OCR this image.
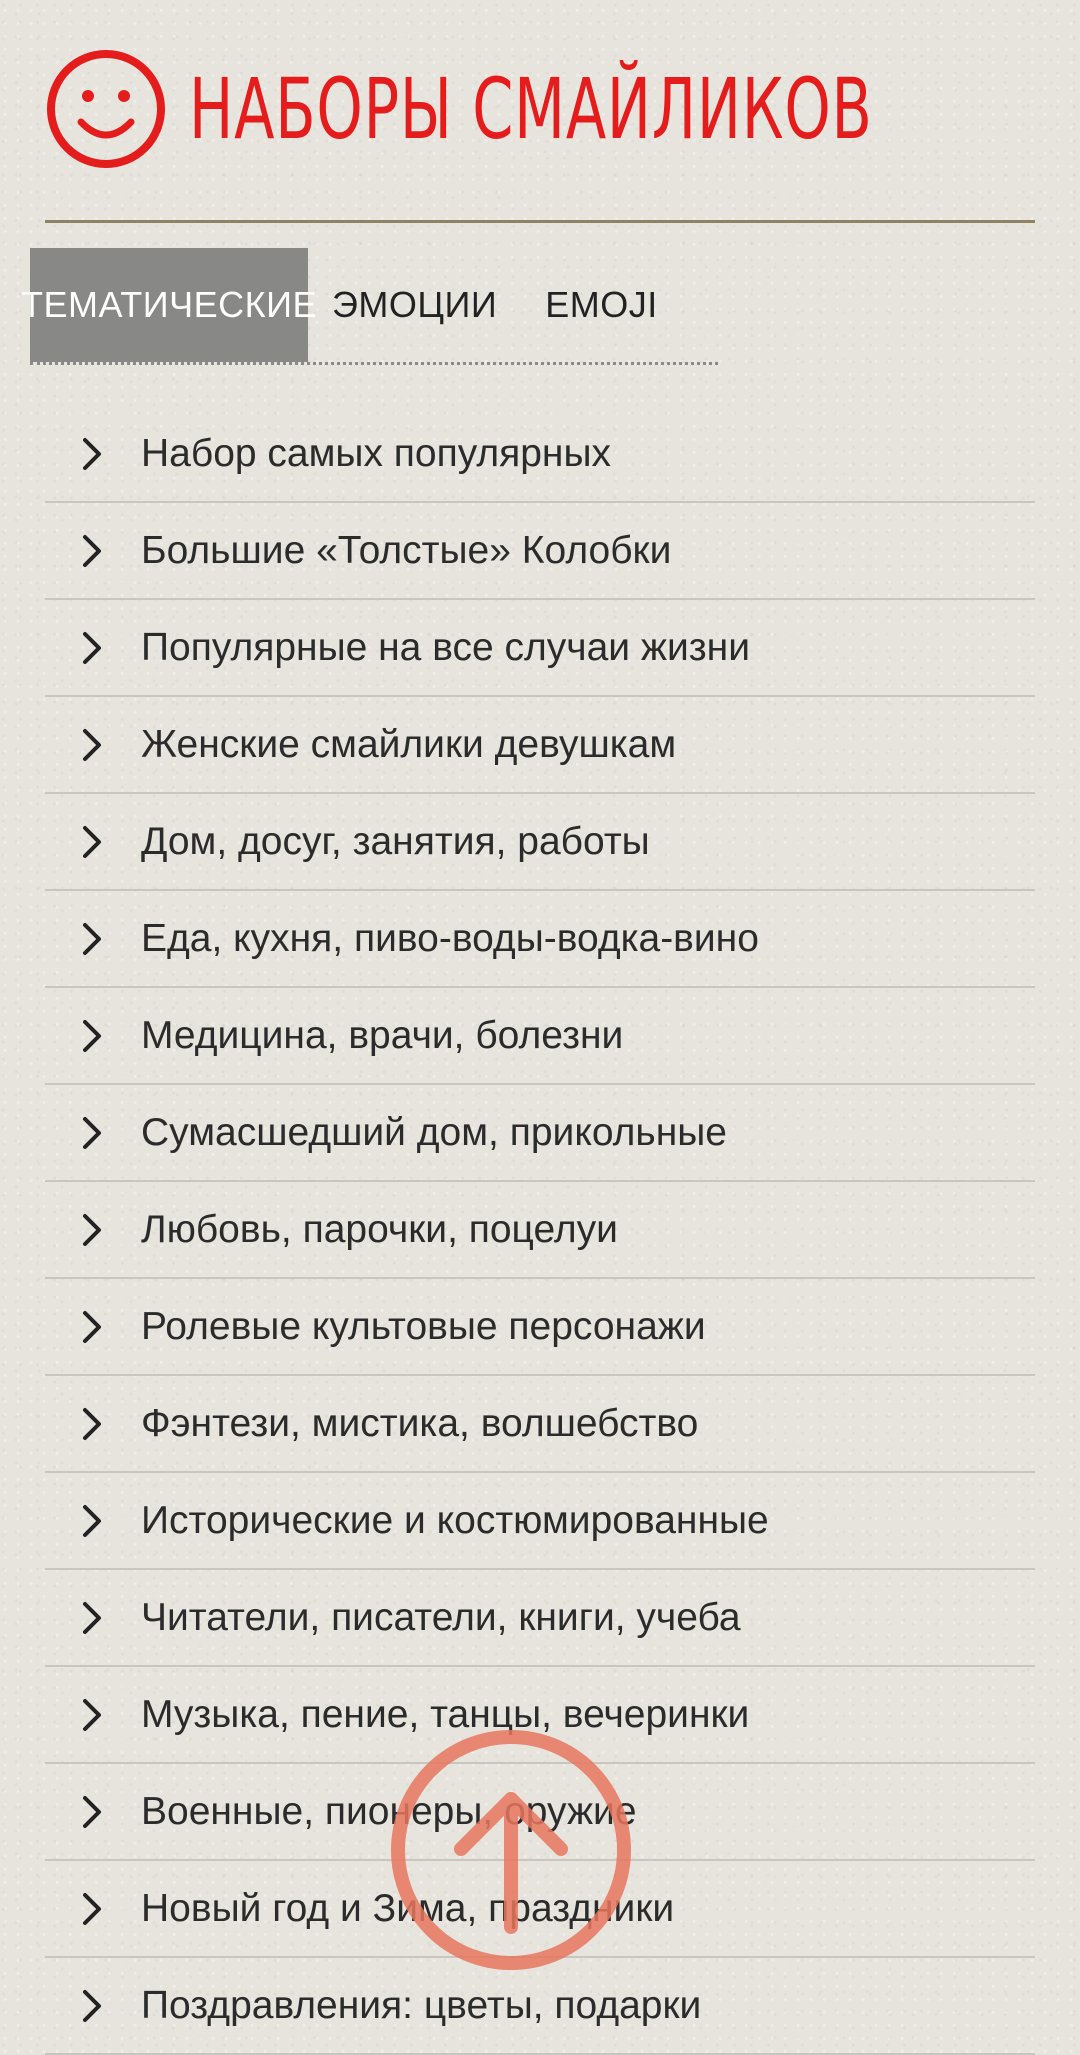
НАБОРЫ СМАЙЛИКОВ
ТЕМАТИЧЕСКИЕ ЭМОЦИИ	EMOJI
Набор самых популярных
Большие «Толстые» Колобки
Популярные на все случаи жизни
Женские смайлики девушкам
Дом, досуг, занятия, работы
Еда, кухня, пиво-воды-водка-вино
Медицина, врачи, болезни
Сумасшедший дом, прикольные
Любовь, парочки, поцелуи
Ролевые культовые персонажи
Фэнтези, мистика, волшебство
Исторические и костюмированные
Читатели, писатели, книги, учеба
Музыка, пение, танцы, вечеринки
Военные, пионеры, оружие
Новый год и Зима, праздники
Поздравления: цветы, подарки
